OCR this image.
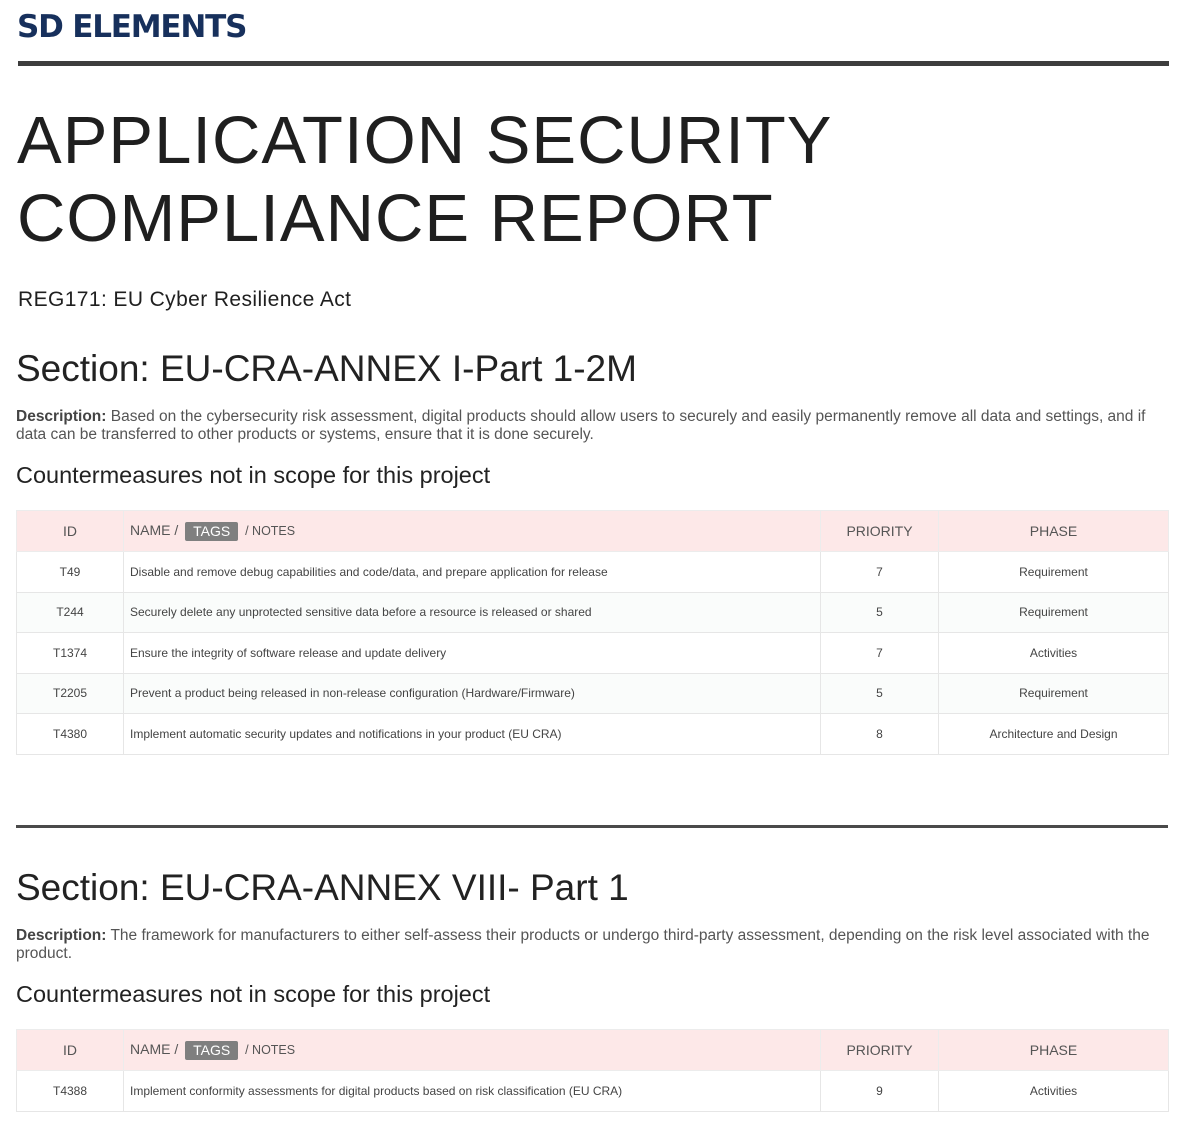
SD ELEMENTS
APPLICATION SECURITY
COMPLIANCE REPORT
REG171: EU Cyber Resilience Act
Section: EU-CRA-ANNEX I-Part 1-2M
Description: Based on the cybersecurity risk assessment, digital products should allow users to securely and easily permanently remove all data and settings, and if data can be transferred to other products or systems, ensure that it is done securely.
Countermeasures not in scope for this project
ID	NAME / TAGS / NOTES	PRIORITY	PHASE
T49	Disable and remove debug capabilities and code/data, and prepare application for release	7	Requirement
T244	Securely delete any unprotected sensitive data before a resource is released or shared	5	Requirement
T1374	Ensure the integrity of software release and update delivery	7	Activities
T2205	Prevent a product being released in non-release configuration (Hardware/Firmware)	5	Requirement
T4380	Implement automatic security updates and notifications in your product (EU CRA)	8	Architecture and Design
Section: EU-CRA-ANNEX VIII- Part 1
Description: The framework for manufacturers to either self-assess their products or undergo third-party assessment, depending on the risk level associated with the product.
Countermeasures not in scope for this project
ID	NAME / TAGS / NOTES	PRIORITY	PHASE
T4388	Implement conformity assessments for digital products based on risk classification (EU CRA)	9	Activities
